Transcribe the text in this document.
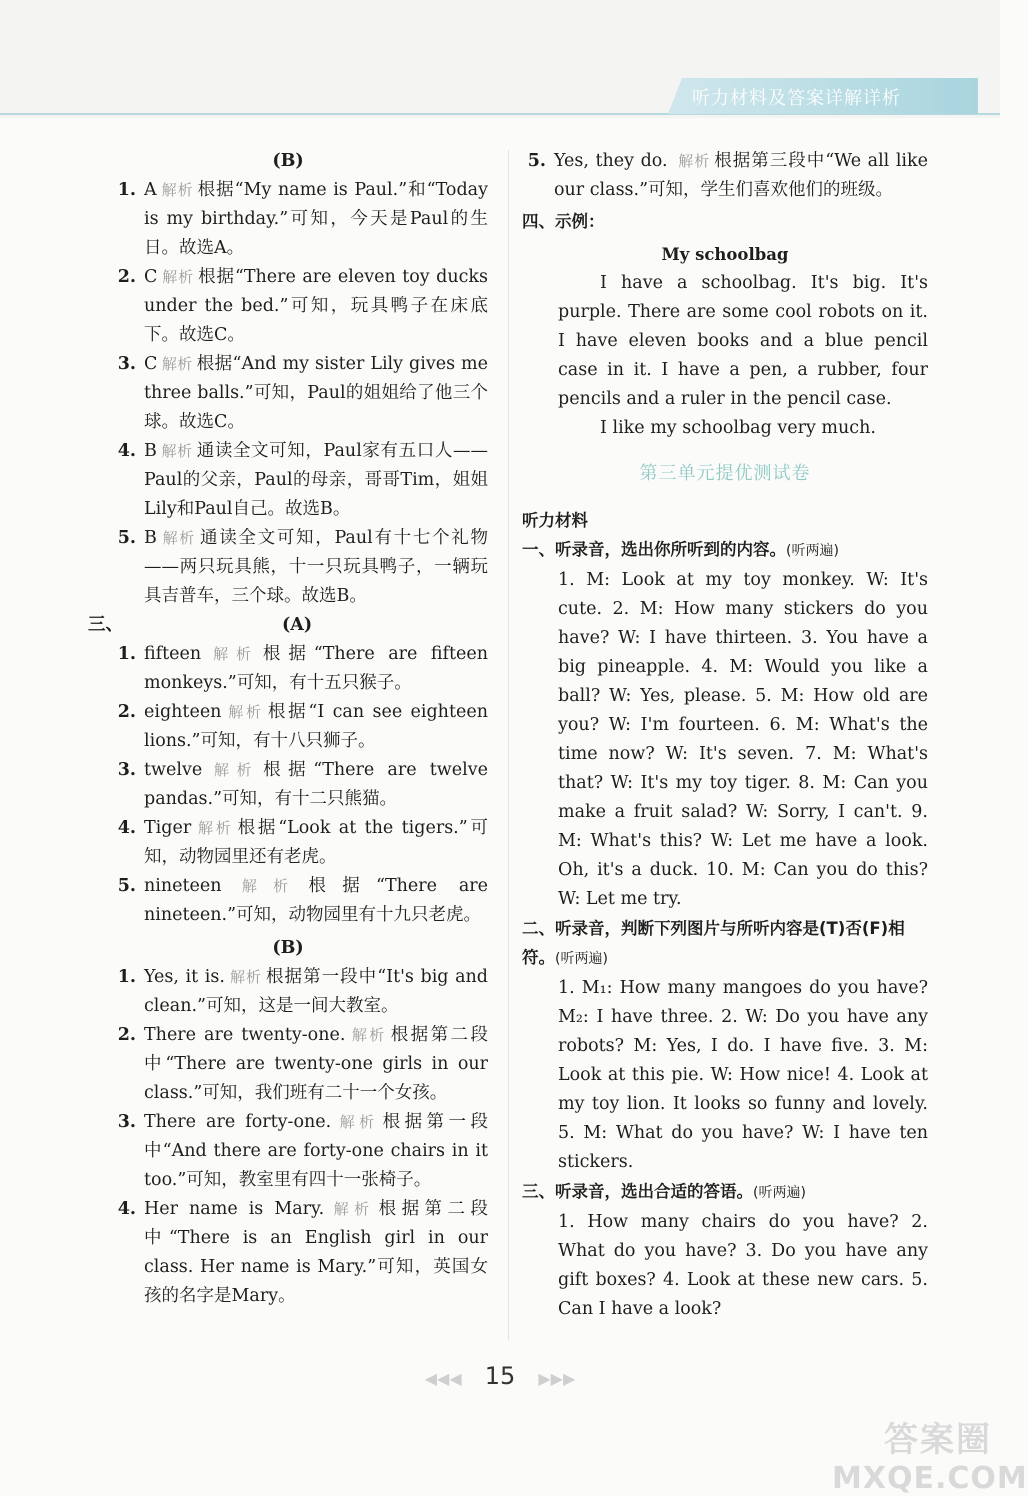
听力材料及答案详解详析
(B)
1. A 解析 根据“My name is Paul.”和“Today is my birthday.”可知，今天是Paul的生日。故选A。
2. C 解析 根据“There are eleven toy ducks under the bed.”可知，玩具鸭子在床底下。故选C。
3. C 解析 根据“And my sister Lily gives me three balls.”可知，Paul的姐姐给了他三个球。故选C。
4. B 解析 通读全文可知，Paul家有五口人——Paul的父亲，Paul的母亲，哥哥Tim，姐姐Lily和Paul自己。故选B。
5. B 解析 通读全文可知，Paul有十七个礼物——两只玩具熊，十一只玩具鸭子，一辆玩具吉普车，三个球。故选B。
三、	(A)
1. fifteen 解析 根据“There are fifteen monkeys.”可知，有十五只猴子。
2. eighteen 解析 根据“I can see eighteen lions.”可知，有十八只狮子。
3. twelve 解析 根据“There are twelve pandas.”可知，有十二只熊猫。
4. Tiger 解析 根据“Look at the tigers.”可知，动物园里还有老虎。
5. nineteen 解析 根据“There are nineteen.”可知，动物园里有十九只老虎。
(B)
1. Yes, it is. 解析 根据第一段中“It's big and clean.”可知，这是一间大教室。
2. There are twenty-one. 解析 根据第二段中“There are twenty-one girls in our class.”可知，我们班有二十一个女孩。
3. There are forty-one. 解析 根据第一段中“And there are forty-one chairs in it too.”可知，教室里有四十一张椅子。
4. Her name is Mary. 解析 根据第二段中“There is an English girl in our class. Her name is Mary.”可知，英国女孩的名字是Mary。
5. Yes, they do. 解析 根据第三段中“We all like our class.”可知，学生们喜欢他们的班级。
四、示例：
My schoolbag
I have a schoolbag. It's big. It's purple. There are some cool robots on it. I have eleven books and a blue pencil case in it. I have a pen, a rubber, four pencils and a ruler in the pencil case.
I like my schoolbag very much.
第三单元提优测试卷
听力材料
一、听录音，选出你所听到的内容。(听两遍)
1. M: Look at my toy monkey. W: It's cute. 2. M: How many stickers do you have? W: I have thirteen. 3. You have a big pineapple. 4. M: Would you like a ball? W: Yes, please. 5. M: How old are you? W: I'm fourteen. 6. M: What's the time now? W: It's seven. 7. M: What's that? W: It's my toy tiger. 8. M: Can you make a fruit salad? W: Sorry, I can't. 9. M: What's this? W: Let me have a look. Oh, it's a duck. 10. M: Can you do this? W: Let me try.
二、听录音，判断下列图片与所听内容是(T)否(F)相符。(听两遍)
1. M₁: How many mangoes do you have? M₂: I have three. 2. W: Do you have any robots? M: Yes, I do. I have five. 3. M: Look at this pie. W: How nice! 4. Look at my toy lion. It looks so funny and lovely. 5. M: What do you have? W: I have ten stickers.
三、听录音，选出合适的答语。(听两遍)
1. How many chairs do you have? 2. What do you have? 3. Do you have any gift boxes? 4. Look at these new cars. 5. Can I have a look?
◀◀◀ 15 ▶▶▶
答案圈
MXQE.COM
